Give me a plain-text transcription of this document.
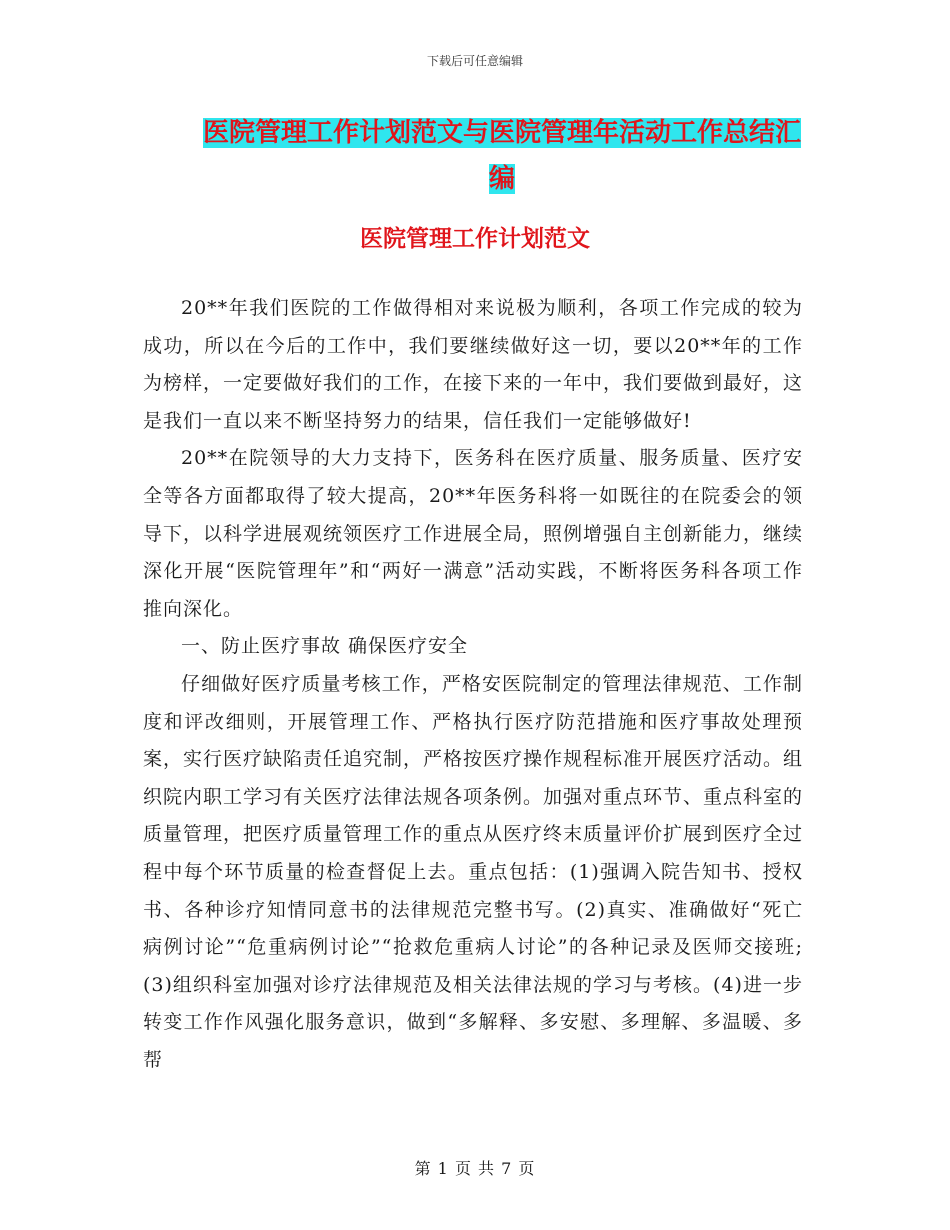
下载后可任意编辑
医院管理工作计划范文与医院管理年活动工作总结汇编
医院管理工作计划范文

20**年我们医院的工作做得相对来说极为顺利，各项工作完成的较为成功，所以在今后的工作中，我们要继续做好这一切，要以20**年的工作为榜样，一定要做好我们的工作，在接下来的一年中，我们要做到最好，这是我们一直以来不断坚持努力的结果，信任我们一定能够做好!

20**在院领导的大力支持下，医务科在医疗质量、服务质量、医疗安全等各方面都取得了较大提高，20**年医务科将一如既往的在院委会的领导下，以科学进展观统领医疗工作进展全局，照例增强自主创新能力，继续深化开展“医院管理年”和“两好一满意”活动实践，不断将医务科各项工作推向深化。

一、防止医疗事故 确保医疗安全

仔细做好医疗质量考核工作，严格安医院制定的管理法律规范、工作制度和评改细则，开展管理工作、严格执行医疗防范措施和医疗事故处理预案，实行医疗缺陷责任追究制，严格按医疗操作规程标准开展医疗活动。组织院内职工学习有关医疗法律法规各项条例。加强对重点环节、重点科室的质量管理，把医疗质量管理工作的重点从医疗终末质量评价扩展到医疗全过程中每个环节质量的检查督促上去。重点包括：(1)强调入院告知书、授权书、各种诊疗知情同意书的法律规范完整书写。(2)真实、准确做好“死亡病例讨论”“危重病例讨论”“抢救危重病人讨论”的各种记录及医师交接班;(3)组织科室加强对诊疗法律规范及相关法律法规的学习与考核。(4)进一步转变工作作风强化服务意识，做到“多解释、多安慰、多理解、多温暖、多帮

第 1 页 共 7 页
